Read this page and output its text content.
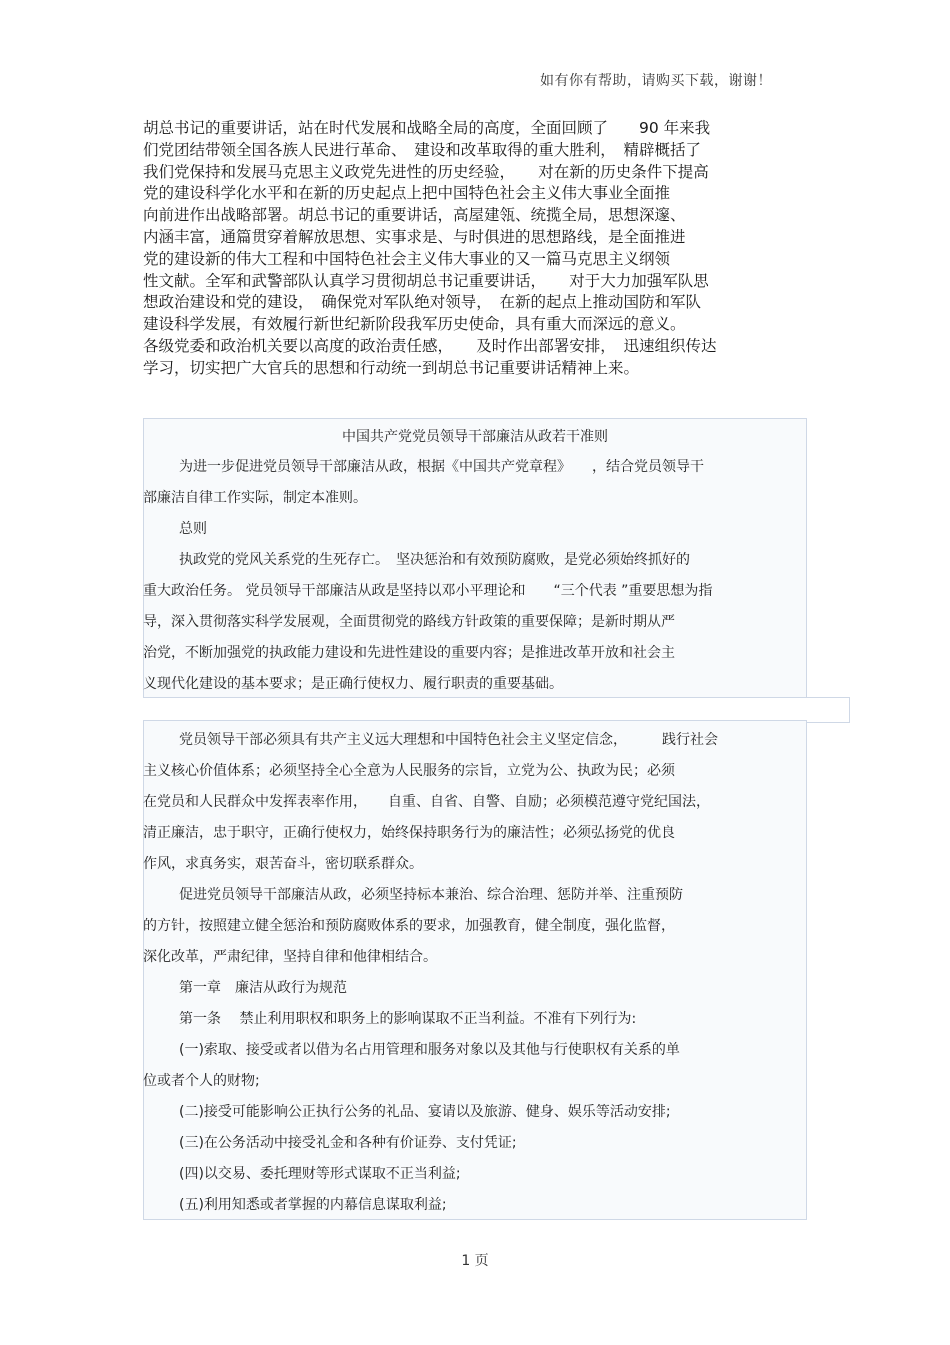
如有你有帮助，请购买下载，谢谢！
胡总书记的重要讲话，站在时代发展和战略全局的高度，全面回顾了　　90 年来我
们党团结带领全国各族人民进行革命、　建设和改革取得的重大胜利，　精辟概括了
我们党保持和发展马克思主义政党先进性的历史经验，　　对在新的历史条件下提高
党的建设科学化水平和在新的历史起点上把中国特色社会主义伟大事业全面推
向前进作出战略部署。胡总书记的重要讲话，高屋建瓴、统揽全局，思想深邃、
内涵丰富，通篇贯穿着解放思想、实事求是、与时俱进的思想路线，是全面推进
党的建设新的伟大工程和中国特色社会主义伟大事业的又一篇马克思主义纲领
性文献。全军和武警部队认真学习贯彻胡总书记重要讲话，　　对于大力加强军队思
想政治建设和党的建设，　确保党对军队绝对领导，　在新的起点上推动国防和军队
建设科学发展，有效履行新世纪新阶段我军历史使命，具有重大而深远的意义。
各级党委和政治机关要以高度的政治责任感，　　及时作出部署安排，　迅速组织传达
学习，切实把广大官兵的思想和行动统一到胡总书记重要讲话精神上来。
中国共产党党员领导干部廉洁从政若干准则
为进一步促进党员领导干部廉洁从政，根据《中国共产党章程》　　，结合党员领导干
部廉洁自律工作实际，制定本准则。
总则
执政党的党风关系党的生死存亡。　坚决惩治和有效预防腐败，是党必须始终抓好的
重大政治任务。 党员领导干部廉洁从政是坚持以邓小平理论和　　“三个代表 ”重要思想为指
导，深入贯彻落实科学发展观，全面贯彻党的路线方针政策的重要保障；是新时期从严
治党，不断加强党的执政能力建设和先进性建设的重要内容；是推进改革开放和社会主
义现代化建设的基本要求；是正确行使权力、履行职责的重要基础。
党员领导干部必须具有共产主义远大理想和中国特色社会主义坚定信念，　　　践行社会
主义核心价值体系；必须坚持全心全意为人民服务的宗旨，立党为公、执政为民；必须
在党员和人民群众中发挥表率作用，　　自重、自省、自警、自励；必须模范遵守党纪国法，
清正廉洁，忠于职守，正确行使权力，始终保持职务行为的廉洁性；必须弘扬党的优良
作风，求真务实，艰苦奋斗，密切联系群众。
促进党员领导干部廉洁从政，必须坚持标本兼治、综合治理、惩防并举、注重预防
的方针，按照建立健全惩治和预防腐败体系的要求，加强教育，健全制度，强化监督，
深化改革，严肃纪律，坚持自律和他律相结合。
第一章　廉洁从政行为规范
第一条　 禁止利用职权和职务上的影响谋取不正当利益。不准有下列行为:
(一)索取、接受或者以借为名占用管理和服务对象以及其他与行使职权有关系的单
位或者个人的财物;
(二)接受可能影响公正执行公务的礼品、宴请以及旅游、健身、娱乐等活动安排;
(三)在公务活动中接受礼金和各种有价证券、支付凭证;
(四)以交易、委托理财等形式谋取不正当利益;
(五)利用知悉或者掌握的内幕信息谋取利益;
1 页
